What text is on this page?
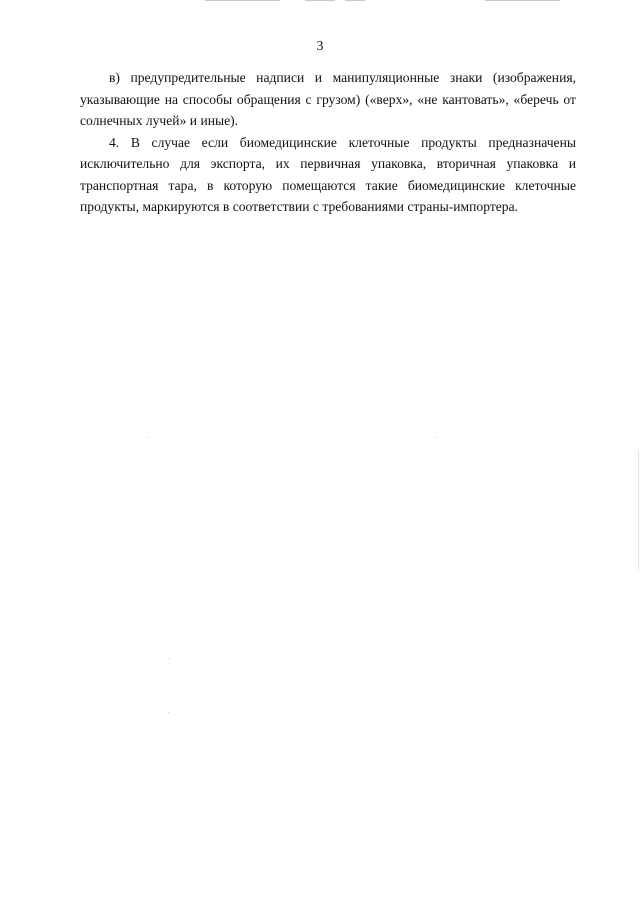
3

в) предупредительные надписи и манипуляционные знаки (изображения, указывающие на способы обращения с грузом) («верх», «не кантовать», «беречь от солнечных лучей» и иные).

4. В случае если биомедицинские клеточные продукты предназначены исключительно для экспорта, их первичная упаковка, вторичная упаковка и транспортная тара, в которую помещаются такие биомедицинские клеточные продукты, маркируются в соответствии с требованиями страны-импортера.
